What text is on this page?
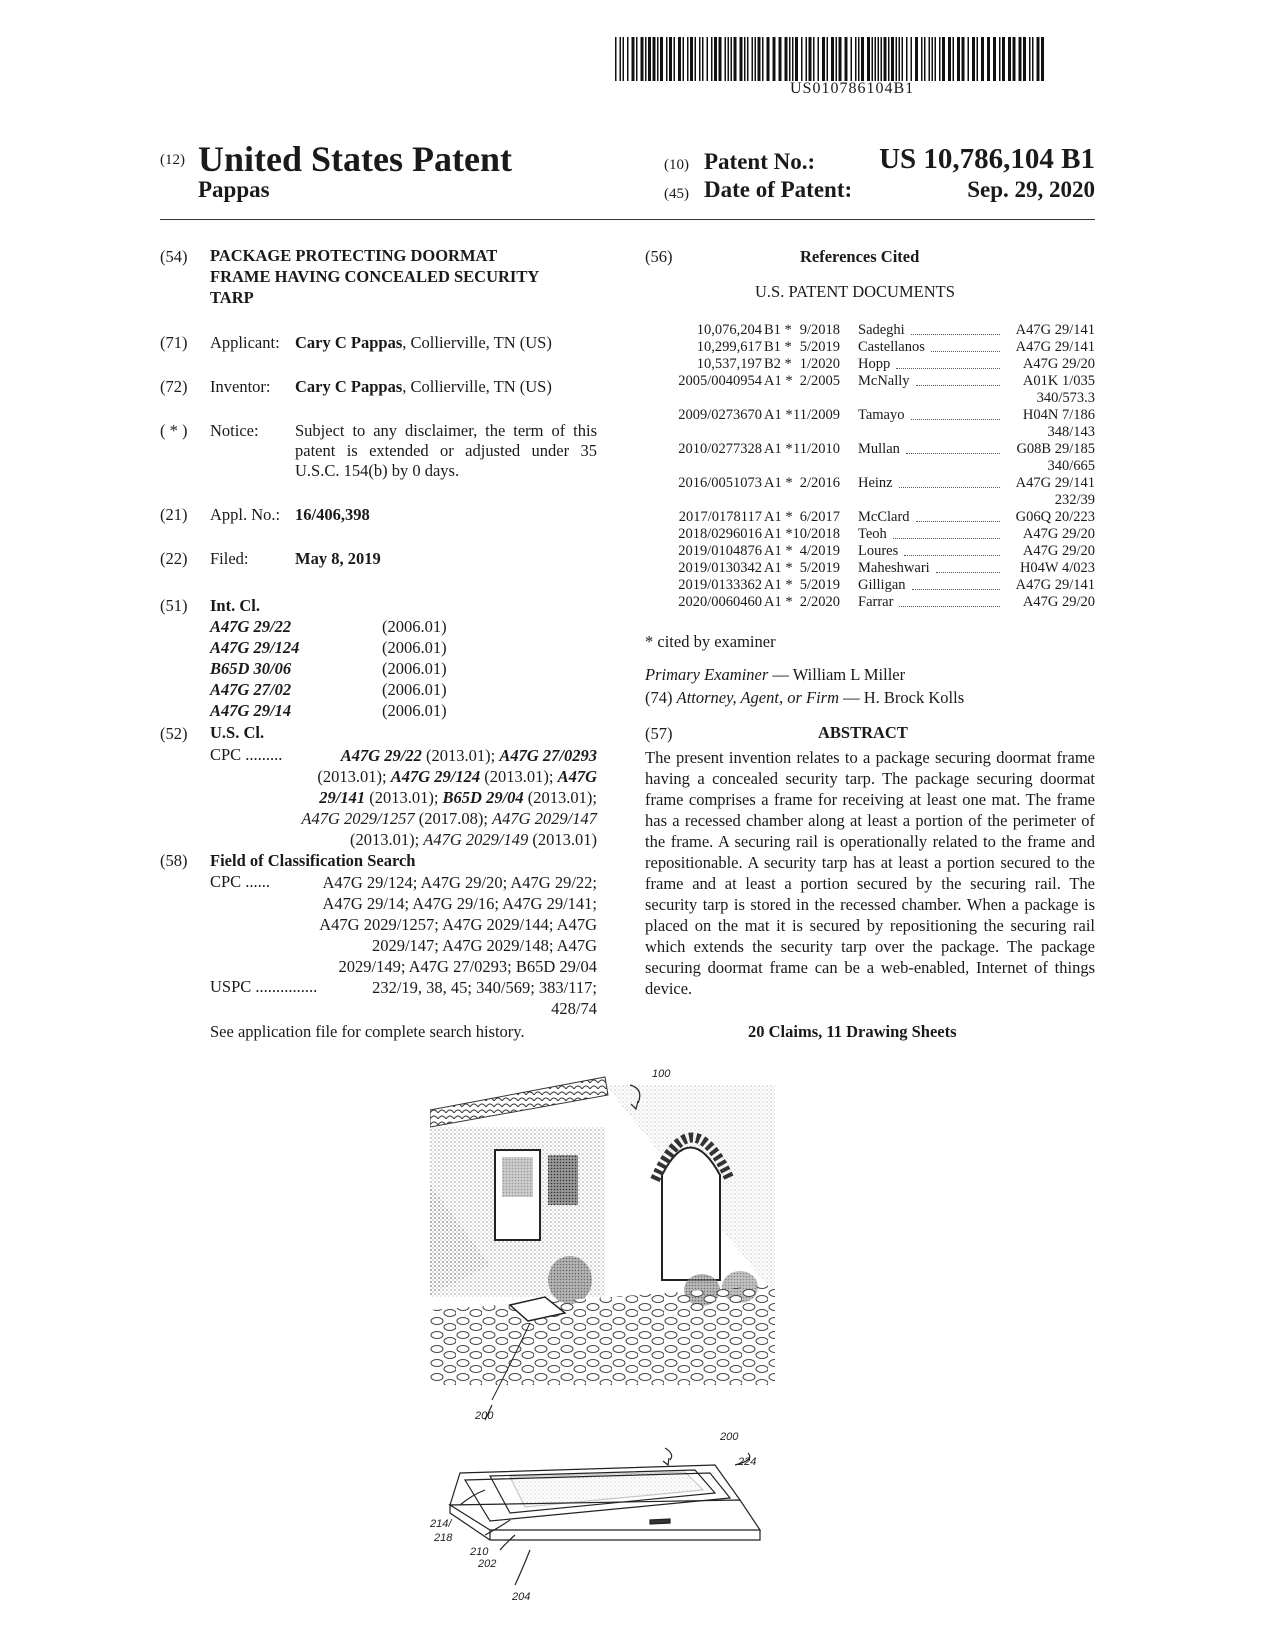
US010786104B1
(12) United States Patent
Pappas
(10) Patent No.:	US 10,786,104 B1
(45) Date of Patent:	Sep. 29, 2020
(54)	PACKAGE PROTECTING DOORMAT
FRAME HAVING CONCEALED SECURITY
TARP
(71)	Applicant: Cary C Pappas, Collierville, TN (US)
(72)	Inventor: Cary C Pappas, Collierville, TN (US)
( * )	Notice: Subject to any disclaimer, the term of this
patent is extended or adjusted under 35
U.S.C. 154(b) by 0 days.
(21)	Appl. No.: 16/406,398
(22)	Filed:	May 8, 2019
(51)	Int. Cl.
A47G 29/22	(2006.01)
A47G 29/124	(2006.01)
B65D 30/06	(2006.01)
A47G 27/02	(2006.01)
A47G 29/14	(2006.01)
(52)	U.S. Cl.
CPC .........	A47G 29/22 (2013.01); A47G 27/0293
(2013.01); A47G 29/124 (2013.01); A47G
29/141 (2013.01); B65D 29/04 (2013.01);
A47G 2029/1257 (2017.08); A47G 2029/147
(2013.01); A47G 2029/149 (2013.01)
(58)	Field of Classification Search
CPC ......	A47G 29/124; A47G 29/20; A47G 29/22;
A47G 29/14; A47G 29/16; A47G 29/141;
A47G 2029/1257; A47G 2029/144; A47G
2029/147; A47G 2029/148; A47G
2029/149; A47G 27/0293; B65D 29/04
USPC ...............	232/19, 38, 45; 340/569; 383/117;
428/74
See application file for complete search history.
(56)	References Cited
U.S. PATENT DOCUMENTS
10,076,204 B1 * 9/2018 Sadeghi	A47G 29/141
10,299,617 B1 * 5/2019 Castellanos	A47G 29/141
10,537,197 B2 * 1/2020 Hopp	A47G 29/20
2005/0040954 A1 * 2/2005 McNally	A01K 1/035
340/573.3
2009/0273670 A1 * 11/2009 Tamayo	H04N 7/186
348/143
2010/0277328 A1 * 11/2010 Mullan	G08B 29/185
340/665
2016/0051073 A1 * 2/2016 Heinz	A47G 29/141
232/39
2017/0178117 A1 * 6/2017 McClard	G06Q 20/223
2018/0296016 A1 * 10/2018 Teoh	A47G 29/20
2019/0104876 A1 * 4/2019 Loures	A47G 29/20
2019/0130342 A1 * 5/2019 Maheshwari	H04W 4/023
2019/0133362 A1 * 5/2019 Gilligan	A47G 29/141
2020/0060460 A1 * 2/2020 Farrar	A47G 29/20
* cited by examiner
Primary Examiner — William L Miller
(74) Attorney, Agent, or Firm — H. Brock Kolls
(57)	ABSTRACT
The present invention relates to a package securing doormat frame having a concealed security tarp. The package securing doormat frame comprises a frame for receiving at least one mat. The frame has a recessed chamber along at least a portion of the perimeter of the frame. A securing rail is operationally related to the frame and repositionable. A security tarp has at least a portion secured to the frame and at least a portion secured by the securing rail. The security tarp is stored in the recessed chamber. When a package is placed on the mat it is secured by repositioning the securing rail which extends the security tarp over the package. The package securing doormat frame can be a web-enabled, Internet of things device.
20 Claims, 11 Drawing Sheets
100
200
200
224
214/
218
210
202
204
